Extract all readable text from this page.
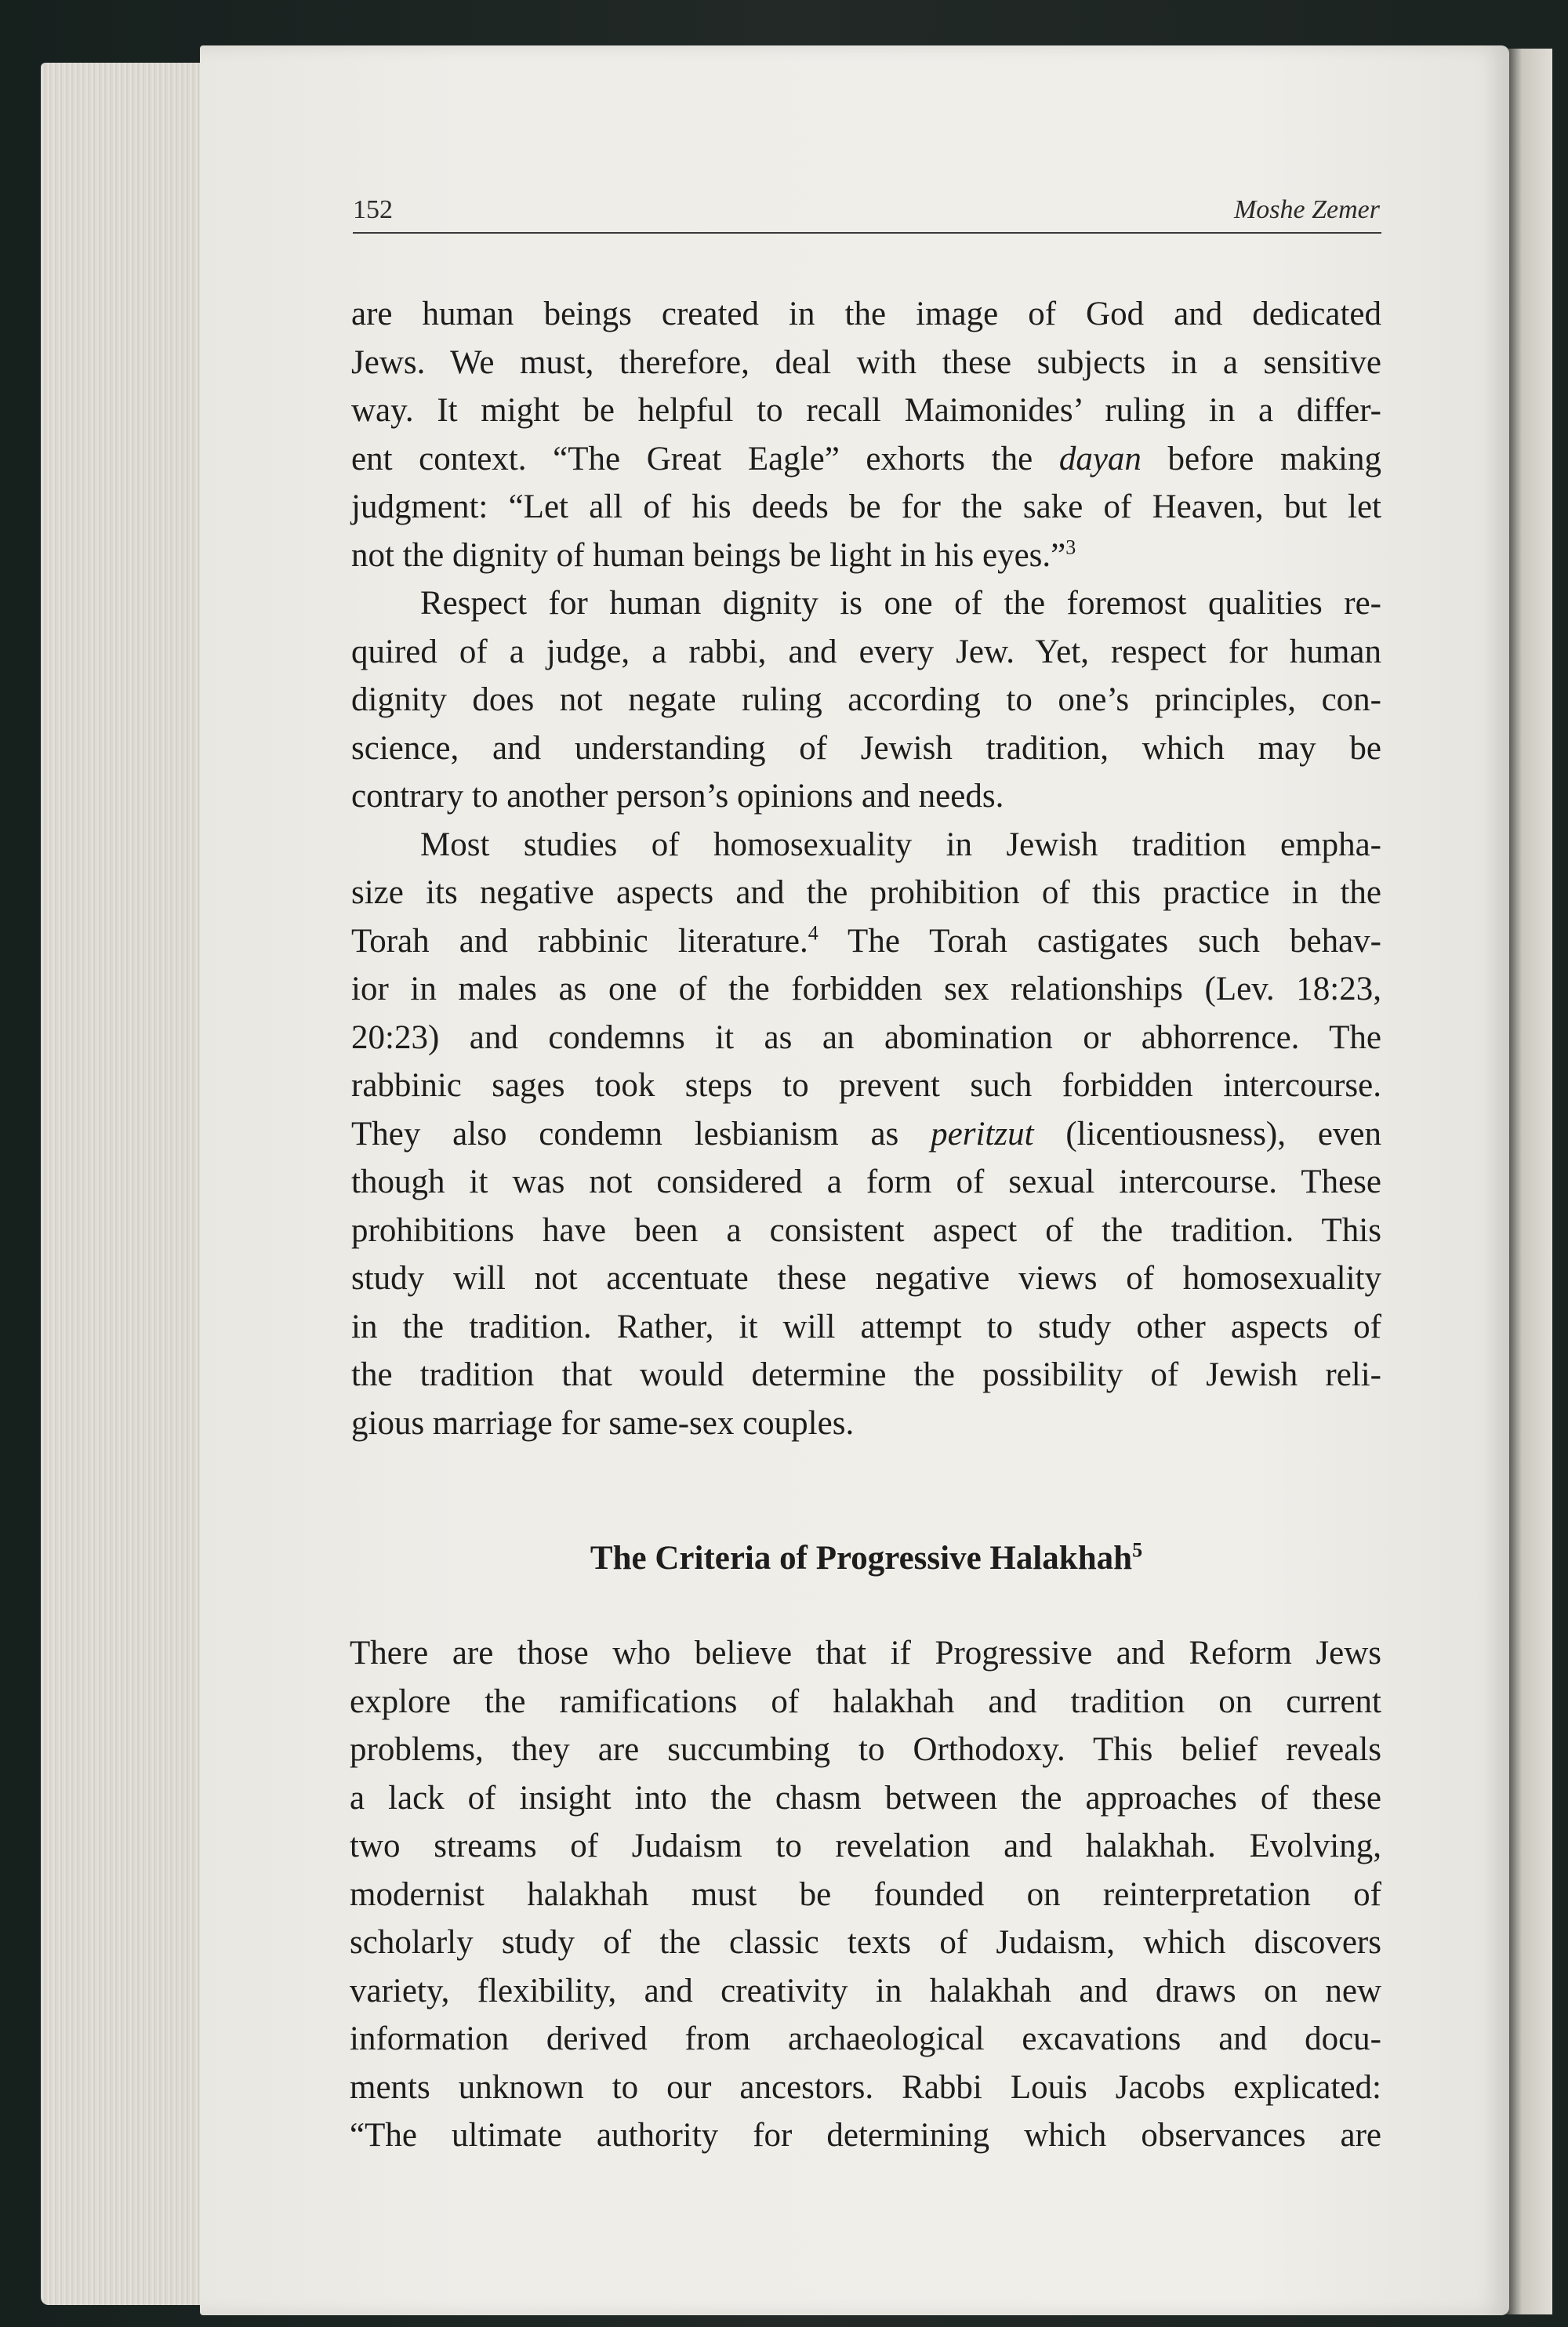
152	Moshe Zemer
are human beings created in the image of God and dedicated
Jews. We must, therefore, deal with these subjects in a sensitive
way. It might be helpful to recall Maimonides’ ruling in a differ-
ent context. “The Great Eagle” exhorts the dayan before making
judgment: “Let all of his deeds be for the sake of Heaven, but let
not the dignity of human beings be light in his eyes.”$^3$
Respect for human dignity is one of the foremost qualities re-
quired of a judge, a rabbi, and every Jew. Yet, respect for human
dignity does not negate ruling according to one’s principles, con-
science, and understanding of Jewish tradition, which may be
contrary to another person’s opinions and needs.
Most studies of homosexuality in Jewish tradition empha-
size its negative aspects and the prohibition of this practice in the
Torah and rabbinic literature.$^4$ The Torah castigates such behav-
ior in males as one of the forbidden sex relationships (Lev. 18:23,
20:23) and condemns it as an abomination or abhorrence. The
rabbinic sages took steps to prevent such forbidden intercourse.
They also condemn lesbianism as peritzut (licentiousness), even
though it was not considered a form of sexual intercourse. These
prohibitions have been a consistent aspect of the tradition. This
study will not accentuate these negative views of homosexuality
in the tradition. Rather, it will attempt to study other aspects of
the tradition that would determine the possibility of Jewish reli-
gious marriage for same-sex couples.
The Criteria of Progressive Halakhah$^5$
There are those who believe that if Progressive and Reform Jews
explore the ramifications of halakhah and tradition on current
problems, they are succumbing to Orthodoxy. This belief reveals
a lack of insight into the chasm between the approaches of these
two streams of Judaism to revelation and halakhah. Evolving,
modernist halakhah must be founded on reinterpretation of
scholarly study of the classic texts of Judaism, which discovers
variety, flexibility, and creativity in halakhah and draws on new
information derived from archaeological excavations and docu-
ments unknown to our ancestors. Rabbi Louis Jacobs explicated:
“The ultimate authority for determining which observances are
